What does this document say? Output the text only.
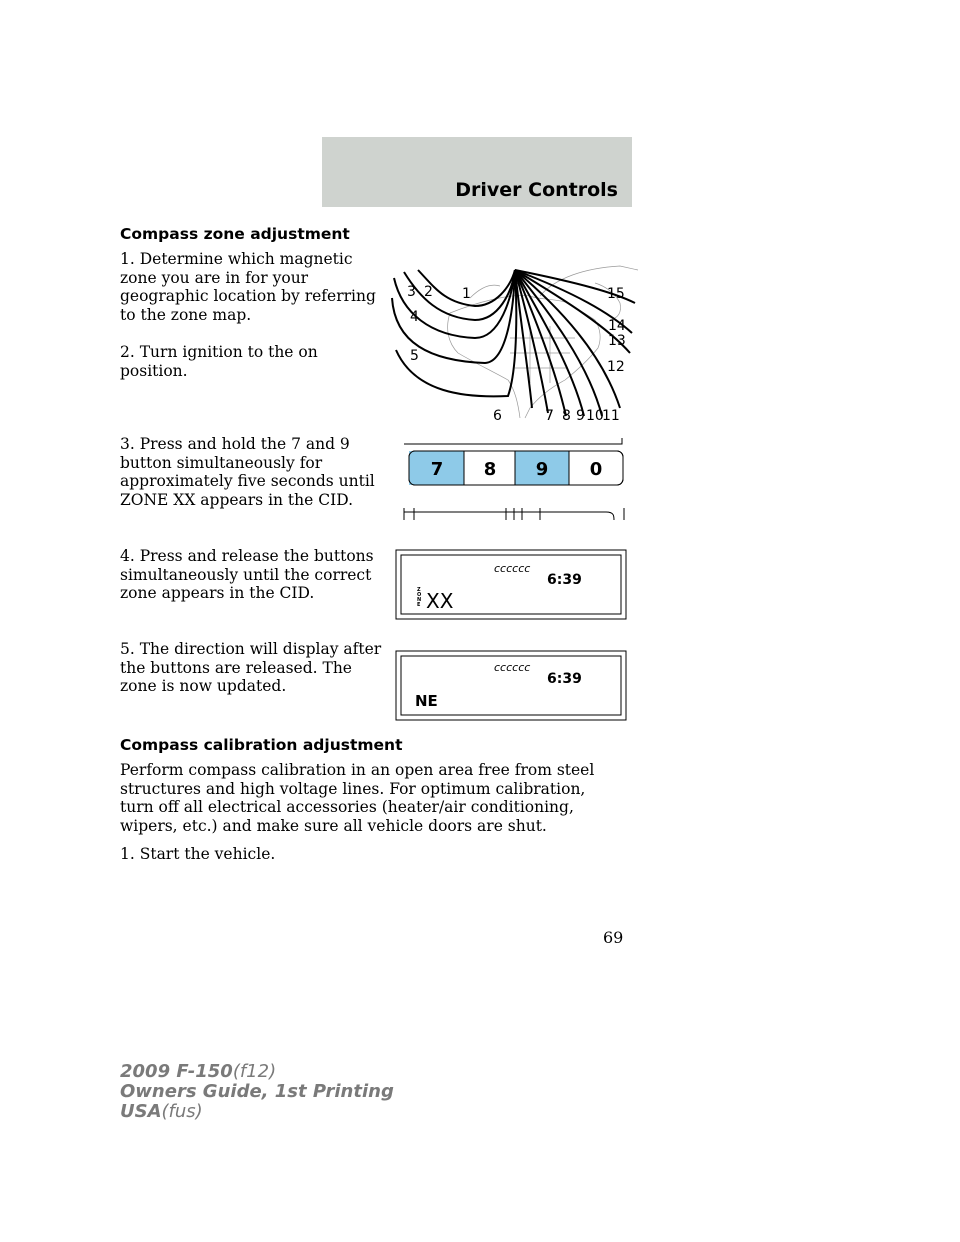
Driver Controls
Compass zone adjustment

1. Determine which magnetic zone you are in for your geographic location by referring to the zone map.

2. Turn ignition to the on position.

3. Press and hold the 7 and 9 button simultaneously for approximately five seconds until ZONE XX appears in the CID.

4. Press and release the buttons simultaneously until the correct zone appears in the CID.

5. The direction will display after the buttons are released. The zone is now updated.

3 2 1
4
5
6	7 8 9 10
11
12
13
14
15
7 8 9 0
cccccc
6:39
Z
O
N
E XX
cccccc
6:39
NE
Compass calibration adjustment

Perform compass calibration in an open area free from steel structures and high voltage lines. For optimum calibration, turn off all electrical accessories (heater/air conditioning, wipers, etc.) and make sure all vehicle doors are shut.

1. Start the vehicle.

69
2009 F-150(f12)
Owners Guide, 1st Printing
USA(fus)
